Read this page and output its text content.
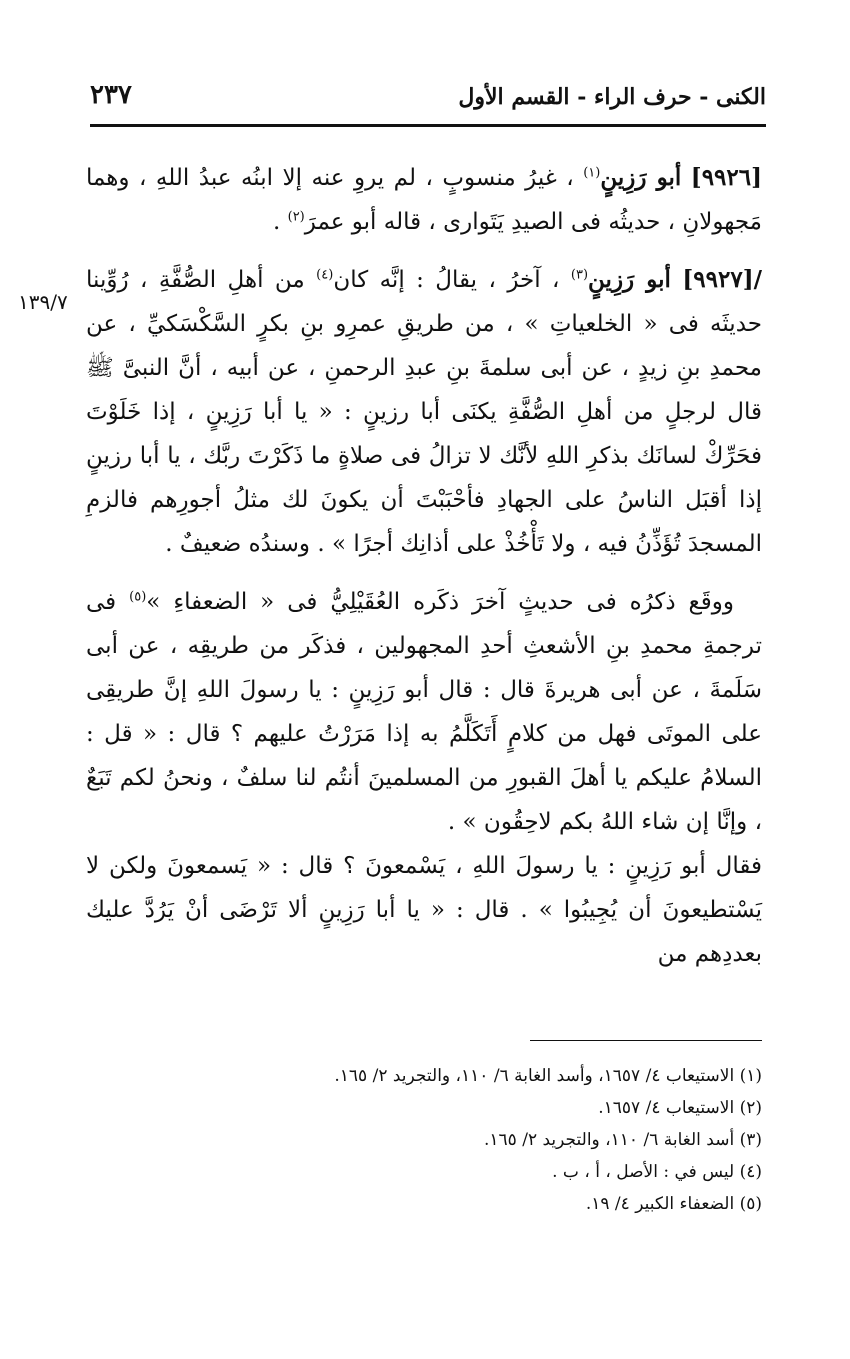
الكنى - حرف الراء - القسم الأول
٢٣٧
١٣٩/٧

[٩٩٢٦] أبو رَزِينٍ$^{(١)}$ ، غيرُ منسوبٍ ، لم يروِ عنه إلا ابنُه عبدُ اللهِ ، وهما مَجهولانِ ، حديثُه فى الصيدِ يَتَوارى ، قاله أبو عمرَ$^{(٢)}$ .

/[٩٩٢٧] أبو رَزِينٍ$^{(٣)}$ ، آخرُ ، يقالُ : إنَّه كان$^{(٤)}$ من أهلِ الصُّفَّةِ ، رُوِّينا حديثَه فى « الخلعياتِ » ، من طريقِ عمرِو بنِ بكرٍ السَّكْسَكيِّ ، عن محمدِ بنِ زيدٍ ، عن أبى سلمةَ بنِ عبدِ الرحمنِ ، عن أبيه ، أنَّ النبىَّ ﷺ قال لرجلٍ من أهلِ الصُّفَّةِ يكنَى أبا رزينٍ : « يا أبا رَزِينٍ ، إذا خَلَوْتَ فحَرِّكْ لسانَك بذكرِ اللهِ لأنَّك لا تزالُ فى صلاةٍ ما ذَكَرْتَ ربَّك ، يا أبا رزينٍ إذا أقبَل الناسُ على الجهادِ فأحْبَبْتَ أن يكونَ لك مثلُ أجورِهم فالزمِ المسجدَ تُؤَذِّنُ فيه ، ولا تَأْخُذْ على أذانِك أجرًا » . وسندُه ضعيفٌ .

ووقَع ذكرُه فى حديثٍ آخرَ ذكَره العُقَيْلِيُّ فى « الضعفاءِ »$^{(٥)}$ فى ترجمةِ محمدِ بنِ الأشعثِ أحدِ المجهولين ، فذكَر من طريقِه ، عن أبى سَلَمةَ ، عن أبى هريرةَ قال : قال أبو رَزِينٍ : يا رسولَ اللهِ إنَّ طريقِى على الموتَى فهل من كلامٍ أَتَكَلَّمُ به إذا مَرَرْتُ عليهم ؟ قال : « قل : السلامُ عليكم يا أهلَ القبورِ من المسلمينَ أنتُم لنا سلفٌ ، ونحنُ لكم تَبَعٌ ، وإنَّا إن شاء اللهُ بكم لاحِقُون » .

فقال أبو رَزِينٍ : يا رسولَ اللهِ ، يَسْمعونَ ؟ قال : « يَسمعونَ ولكن لا يَسْتطيعونَ أن يُجِيبُوا » . قال : « يا أبا رَزِينٍ ألا تَرْضَى أنْ يَرُدَّ عليك بعددِهم من

(١) الاستيعاب ٤/ ١٦٥٧، وأسد الغابة ٦/ ١١٠، والتجريد ٢/ ١٦٥.

(٢) الاستيعاب ٤/ ١٦٥٧.

(٣) أسد الغابة ٦/ ١١٠، والتجريد ٢/ ١٦٥.

(٤) ليس في : الأصل ، أ ، ب .

(٥) الضعفاء الكبير ٤/ ١٩.
